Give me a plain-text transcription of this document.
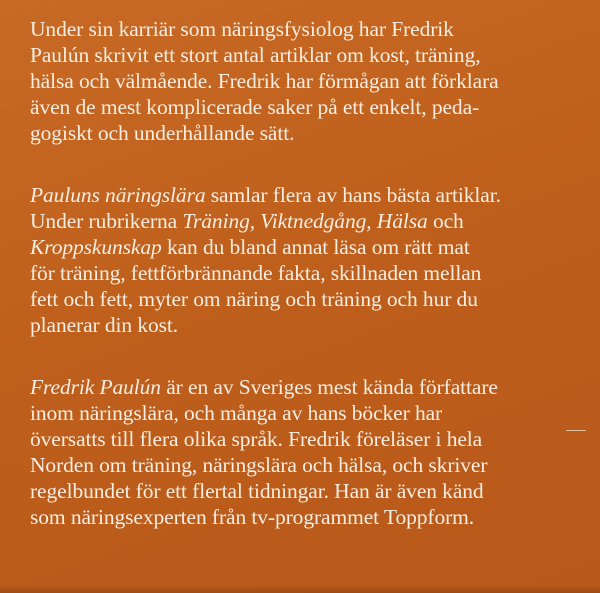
Under sin karriär som näringsfysiolog har Fredrik
Paulún skrivit ett stort antal artiklar om kost, träning,
hälsa och välmående. Fredrik har förmågan att förklara
även de mest komplicerade saker på ett enkelt, peda-
gogiskt och underhållande sätt.

Pauluns näringslära samlar flera av hans bästa artiklar.
Under rubrikerna Träning, Viktnedgång, Hälsa och
Kroppskunskap kan du bland annat läsa om rätt mat
för träning, fettförbrännande fakta, skillnaden mellan
fett och fett, myter om näring och träning och hur du
planerar din kost.

Fredrik Paulún är en av Sveriges mest kända författare
inom näringslära, och många av hans böcker har
översatts till flera olika språk. Fredrik föreläser i hela
Norden om träning, näringslära och hälsa, och skriver
regelbundet för ett flertal tidningar. Han är även känd
som näringsexperten från tv-programmet Toppform.
